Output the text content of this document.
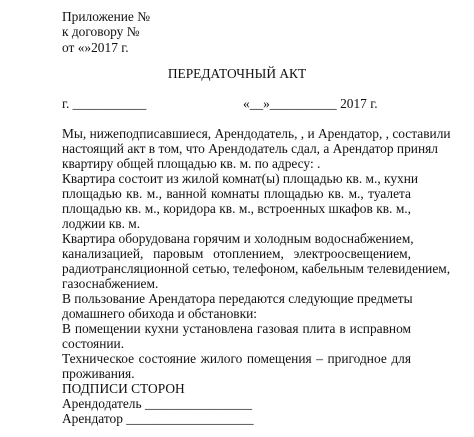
Приложение №
к договору №
от «»2017 г.
ПЕРЕДАТОЧНЫЙ АКТ
г. ___________	«__»__________ 2017 г.
Мы, нижеподписавшиеся, Арендодатель, , и Арендатор, , составили
настоящий акт в том, что Арендодатель сдал, а Арендатор принял
квартиру общей площадью кв. м. по адресу: .
Квартира состоит из жилой комнат(ы) площадью кв. м., кухни
площадью кв. м., ванной комнаты площадью кв. м., туалета
площадью кв. м., коридора кв. м., встроенных шкафов кв. м.,
лоджии кв. м.
Квартира оборудована горячим и холодным водоснабжением,
канализацией, паровым отоплением, электроосвещением,
радиотрансляционной сетью, телефоном, кабельным телевидением,
газоснабжением.
В пользование Арендатора передаются следующие предметы
домашнего обихода и обстановки:
В помещении кухни установлена газовая плита в исправном
состоянии.
Техническое состояние жилого помещения – пригодное для
проживания.
ПОДПИСИ СТОРОН
Арендодатель ________________
Арендатор ___________________
